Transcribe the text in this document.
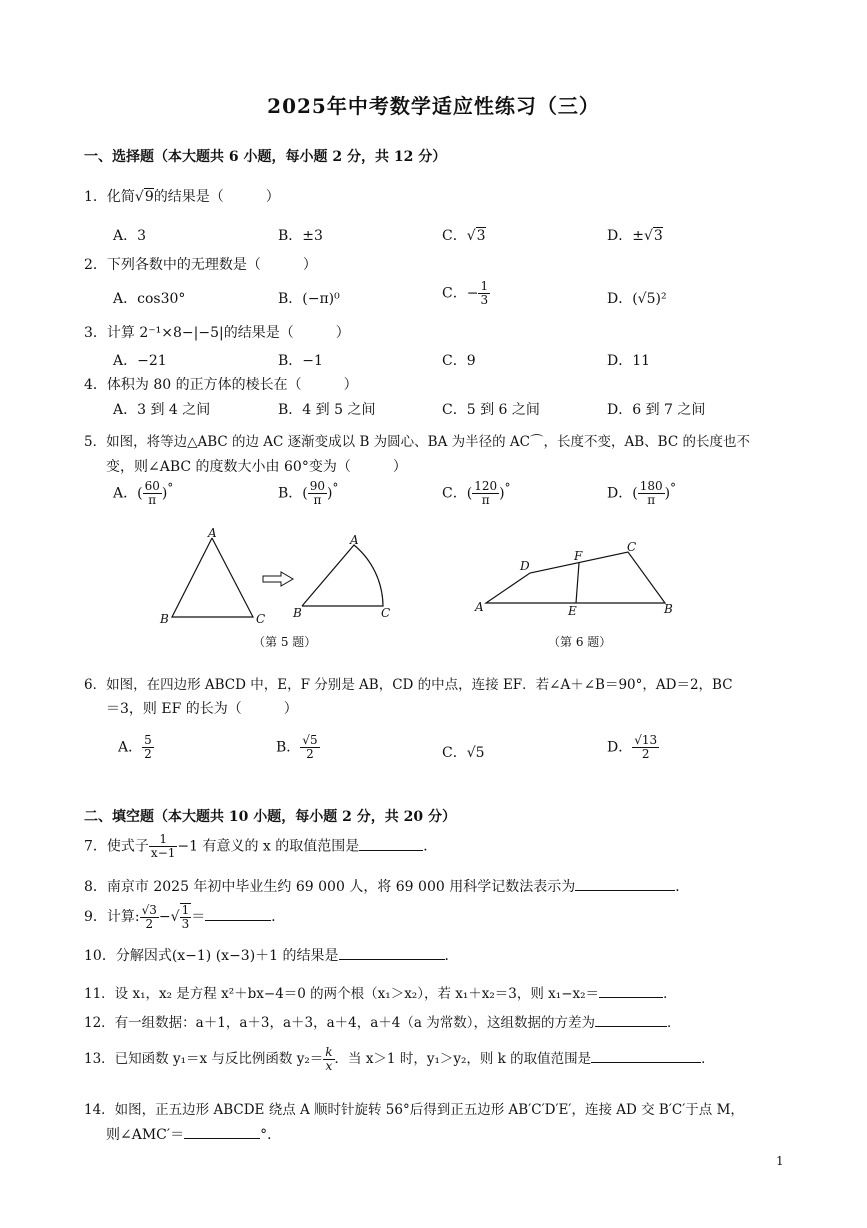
2025年中考数学适应性练习（三）
一、选择题（本大题共 6 小题，每小题 2 分，共 12 分）
1．化简√9的结果是（　　　）
A．3	B．±3	C．√3	D．±√3
2．下列各数中的无理数是（　　　）
A．cos30°	B．(−π)⁰	C．− $\frac{1}{3}$	D．(√5)²
3．计算 2⁻¹×8−|−5|的结果是（　　　）
A．−21	B．−1	C．9	D．11
4．体积为 80 的正方体的棱长在（　　　）
A．3 到 4 之间	B．4 到 5 之间	C．5 到 6 之间	D．6 到 7 之间
5．如图，将等边△ABC 的边 AC 逐渐变成以 B 为圆心、BA 为半径的 AC⌒，长度不变，AB、BC 的长度也不
变，则∠ABC 的度数大小由 60°变为（　　　）
A．( $\frac{60}{\pi} )^\circ$	B．( $\frac{90}{\pi} )^\circ$	C．( $\frac{120}{\pi} )^\circ$	D．( $\frac{180}{\pi} )^\circ$
A
B	C
A
B	C	A	B
C
D
E
F
（第 5 题）	（第 6 题）
6．如图，在四边形 ABCD 中，E，F 分别是 AB，CD 的中点，连接 EF．若∠A＋∠B＝90°，AD＝2，BC
＝3，则 EF 的长为（　　　）
A． $\frac{5}{2}$	B． $\frac{√5}{2}$	C．√5	D． $\frac{√13}{2}$
二、填空题（本大题共 10 小题，每小题 2 分，共 20 分）
7．使式子 $\frac{1}{x-1} -1$ 有意义的 x 的取值范围是	．
8．南京市 2025 年初中毕业生约 69 000 人，将 69 000 用科学记数法表示为	．
9．计算: $\frac{√3}{2}$ −√ $\frac{1}{3}$ ＝	．
10．分解因式(x−1) (x−3)＋1 的结果是	．
11．设 x₁，x₂ 是方程 x²＋bx−4＝0 的两个根（x₁＞x₂），若 x₁＋x₂＝3，则 x₁−x₂＝	．
12．有一组数据：a＋1，a＋3，a＋3，a＋4，a＋4（a 为常数），这组数据的方差为	．
13．已知函数 y₁＝x 与反比例函数 $y_2= \frac{k}{x}$ ．当 x＞1 时，y₁＞y₂，则 k 的取值范围是	．
14．如图，正五边形 ABCDE 绕点 A 顺时针旋转 56°后得到正五边形 AB′C′D′E′，连接 AD 交 B′C′于点 M，
则∠AMC′＝	°．
1
